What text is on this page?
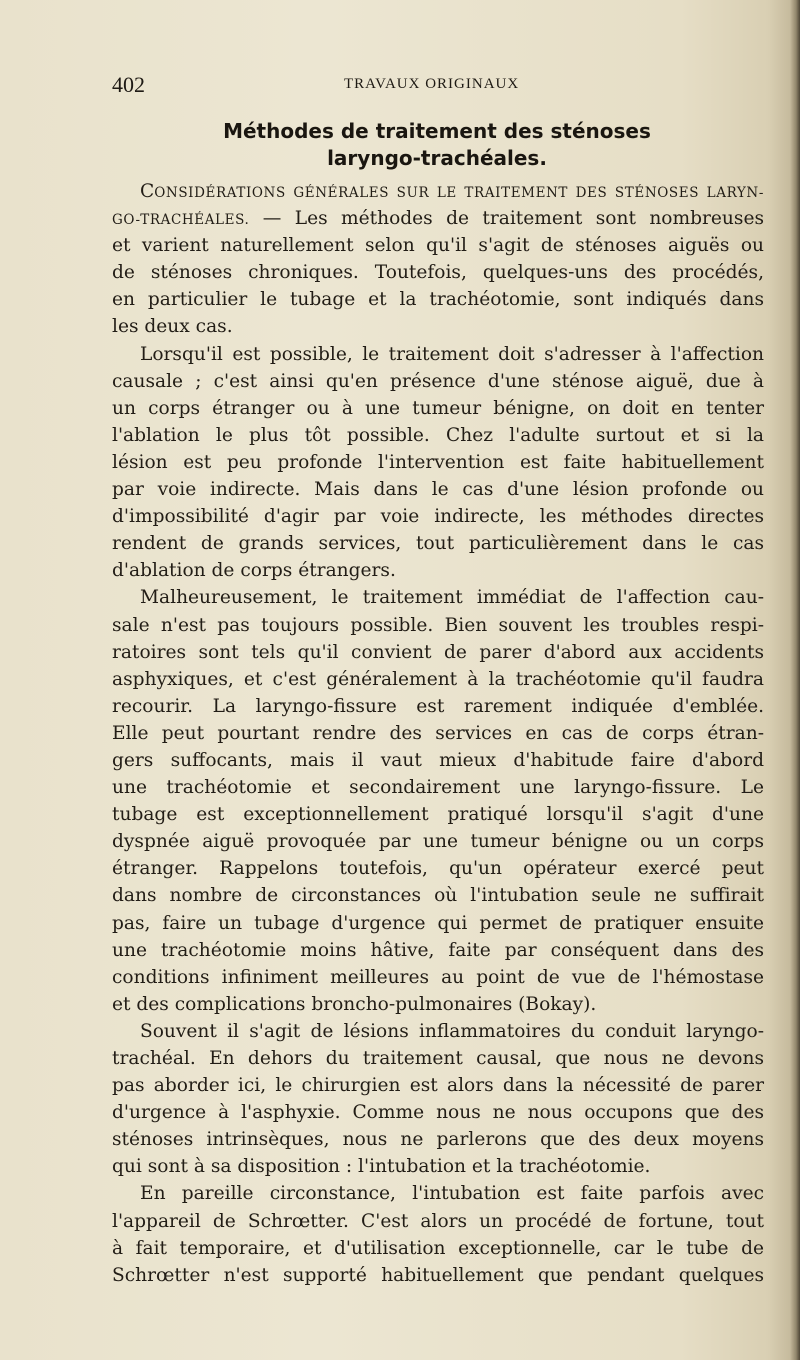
402	TRAVAUX ORIGINAUX
Méthodes de traitement des sténoses
laryngo-trachéales.
CONSIDÉRATIONS GÉNÉRALES SUR LE TRAITEMENT DES STÉNOSES LARYN-
GO-TRACHÉALES. — Les méthodes de traitement sont nombreuses
et varient naturellement selon qu'il s'agit de sténoses aiguës ou
de sténoses chroniques. Toutefois, quelques-uns des procédés,
en particulier le tubage et la trachéotomie, sont indiqués dans
les deux cas.
Lorsqu'il est possible, le traitement doit s'adresser à l'affection
causale ; c'est ainsi qu'en présence d'une sténose aiguë, due à
un corps étranger ou à une tumeur bénigne, on doit en tenter
l'ablation le plus tôt possible. Chez l'adulte surtout et si la
lésion est peu profonde l'intervention est faite habituellement
par voie indirecte. Mais dans le cas d'une lésion profonde ou
d'impossibilité d'agir par voie indirecte, les méthodes directes
rendent de grands services, tout particulièrement dans le cas
d'ablation de corps étrangers.
Malheureusement, le traitement immédiat de l'affection cau-
sale n'est pas toujours possible. Bien souvent les troubles respi-
ratoires sont tels qu'il convient de parer d'abord aux accidents
asphyxiques, et c'est généralement à la trachéotomie qu'il faudra
recourir. La laryngo-fissure est rarement indiquée d'emblée.
Elle peut pourtant rendre des services en cas de corps étran-
gers suffocants, mais il vaut mieux d'habitude faire d'abord
une trachéotomie et secondairement une laryngo-fissure. Le
tubage est exceptionnellement pratiqué lorsqu'il s'agit d'une
dyspnée aiguë provoquée par une tumeur bénigne ou un corps
étranger. Rappelons toutefois, qu'un opérateur exercé peut
dans nombre de circonstances où l'intubation seule ne suffirait
pas, faire un tubage d'urgence qui permet de pratiquer ensuite
une trachéotomie moins hâtive, faite par conséquent dans des
conditions infiniment meilleures au point de vue de l'hémostase
et des complications broncho-pulmonaires (Bokay).
Souvent il s'agit de lésions inflammatoires du conduit laryngo-
trachéal. En dehors du traitement causal, que nous ne devons
pas aborder ici, le chirurgien est alors dans la nécessité de parer
d'urgence à l'asphyxie. Comme nous ne nous occupons que des
sténoses intrinsèques, nous ne parlerons que des deux moyens
qui sont à sa disposition : l'intubation et la trachéotomie.
En pareille circonstance, l'intubation est faite parfois avec
l'appareil de Schrœtter. C'est alors un procédé de fortune, tout
à fait temporaire, et d'utilisation exceptionnelle, car le tube de
Schrœtter n'est supporté habituellement que pendant quelques
